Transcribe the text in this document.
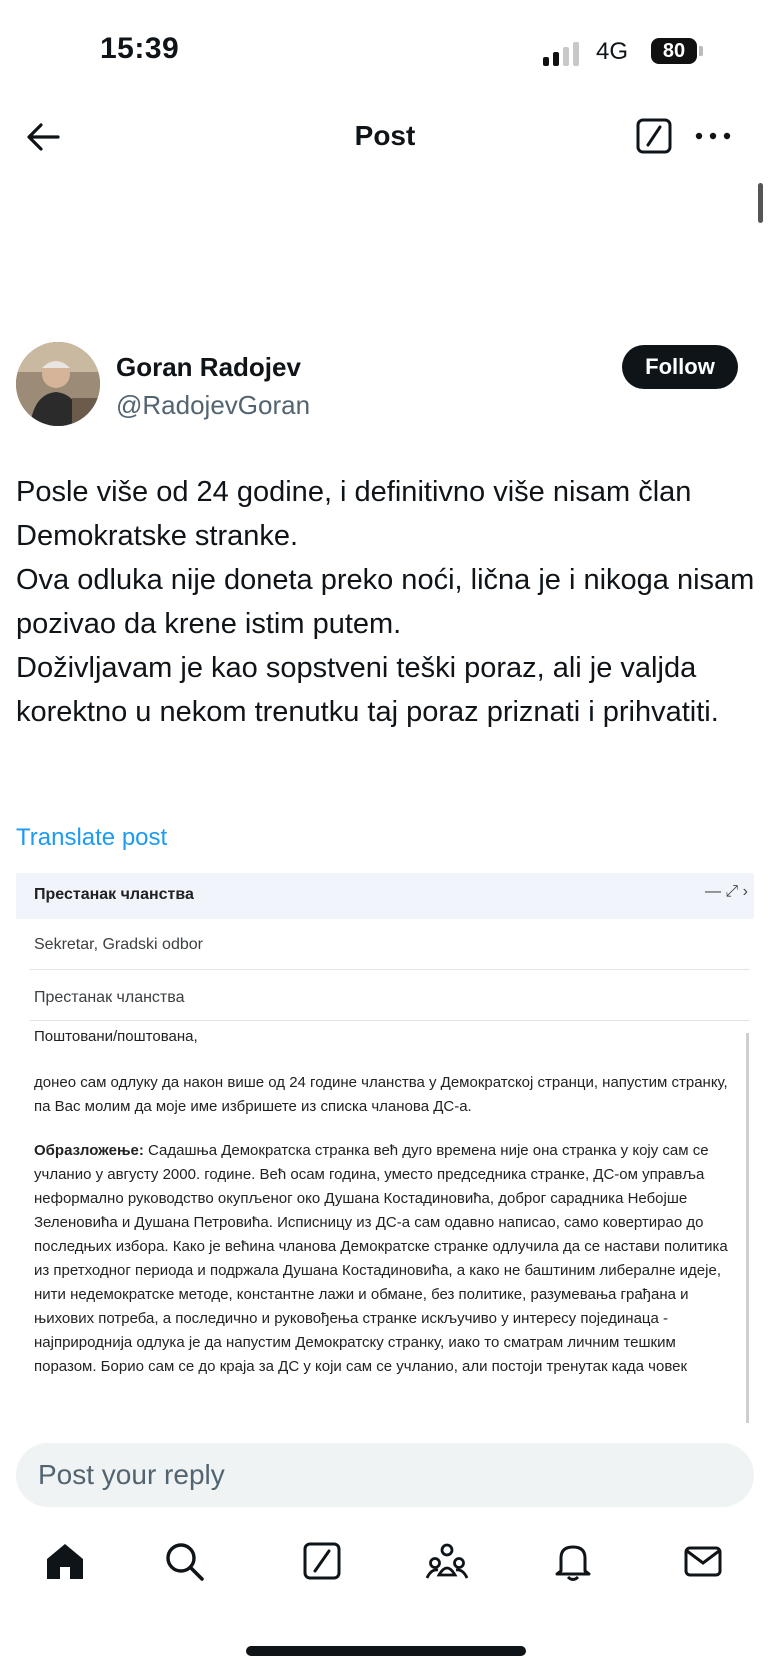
15:39	4G	80
Post
Goran Radojev
@RadojevGoran
Follow

Posle više od 24 godine, i definitivno više nisam član Demokratske stranke.

Ova odluka nije doneta preko noći, lična je i nikoga nisam pozivao da krene istim putem.

Doživljavam je kao sopstveni teški poraz, ali je valjda korektno u nekom trenutku taj poraz priznati i prihvatiti.

Translate post
Престанак чланства	— ⤢ ›
Sekretar, Gradski odbor
Престанак чланства

Поштовани/поштована,

донео сам одлуку да након више од 24 године чланства у Демократској странци, напустим странку, па Вас молим да моје име избришете из списка чланова ДС-а.

Образложење: Садашња Демократска странка већ дуго времена није она странка у коју сам се учланио у августу 2000. године. Већ осам година, уместо председника странке, ДС-ом управља неформално руководство окупљеног око Душана Костадиновића, доброг сарадника Небојше Зеленовића и Душана Петровића. Исписницу из ДС-а сам одавно написао, само ковертирао до последњих избора. Како је већина чланова Демократске странке одлучила да се настави политика из претходног периода и подржала Душана Костадиновића, а како не баштиним либералне идеје, нити недемократске методе, константне лажи и обмане, без политике, разумевања грађана и њихових потреба, а последично и руковођења странке искључиво у интересу појединаца - најприроднија одлука је да напустим Демократску странку, иако то сматрам личним тешким поразом. Борио сам се до краја за ДС у који сам се учланио, али постоји тренутак када човек

Post your reply
